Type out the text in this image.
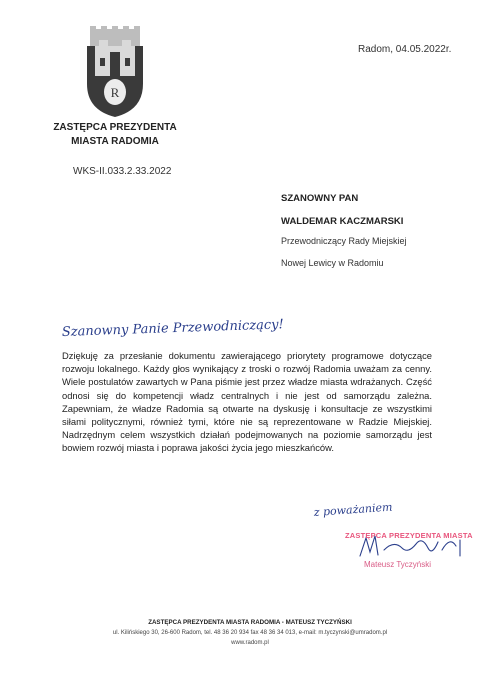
R
ZASTĘPCA PREZYDENTA
MIASTA RADOMIA
Radom, 04.05.2022r.
WKS-II.033.2.33.2022
SZANOWNY PAN
WALDEMAR KACZMARSKI
Przewodniczący Rady Miejskiej
Nowej Lewicy w Radomiu
Szanowny Panie Przewodniczący!

Dziękuję za przesłanie dokumentu zawierającego priorytety programowe dotyczące rozwoju lokalnego. Każdy głos wynikający z troski o rozwój Radomia uważam za cenny. Wiele postulatów zawartych w Pana piśmie jest przez władze miasta wdrażanych. Część odnosi się do kompetencji władz centralnych i nie jest od samorządu zależna. Zapewniam, że władze Radomia są otwarte na dyskusję i konsultacje ze wszystkimi siłami politycznymi, również tymi, które nie są reprezentowane w Radzie Miejskiej. Nadrzędnym celem wszystkich działań podejmowanych na poziomie samorządu jest bowiem rozwój miasta i poprawa jakości życia jego mieszkańców.

z poważaniem
ZASTĘPCA PREZYDENTA MIASTA
Mateusz Tyczyński
ZASTĘPCA PREZYDENTA MIASTA RADOMIA - MATEUSZ TYCZYŃSKI
ul. Kilińskiego 30, 26-600 Radom, tel. 48 36 20 934 fax 48 36 34 013, e-mail: m.tyczynski@umradom.pl
www.radom.pl
